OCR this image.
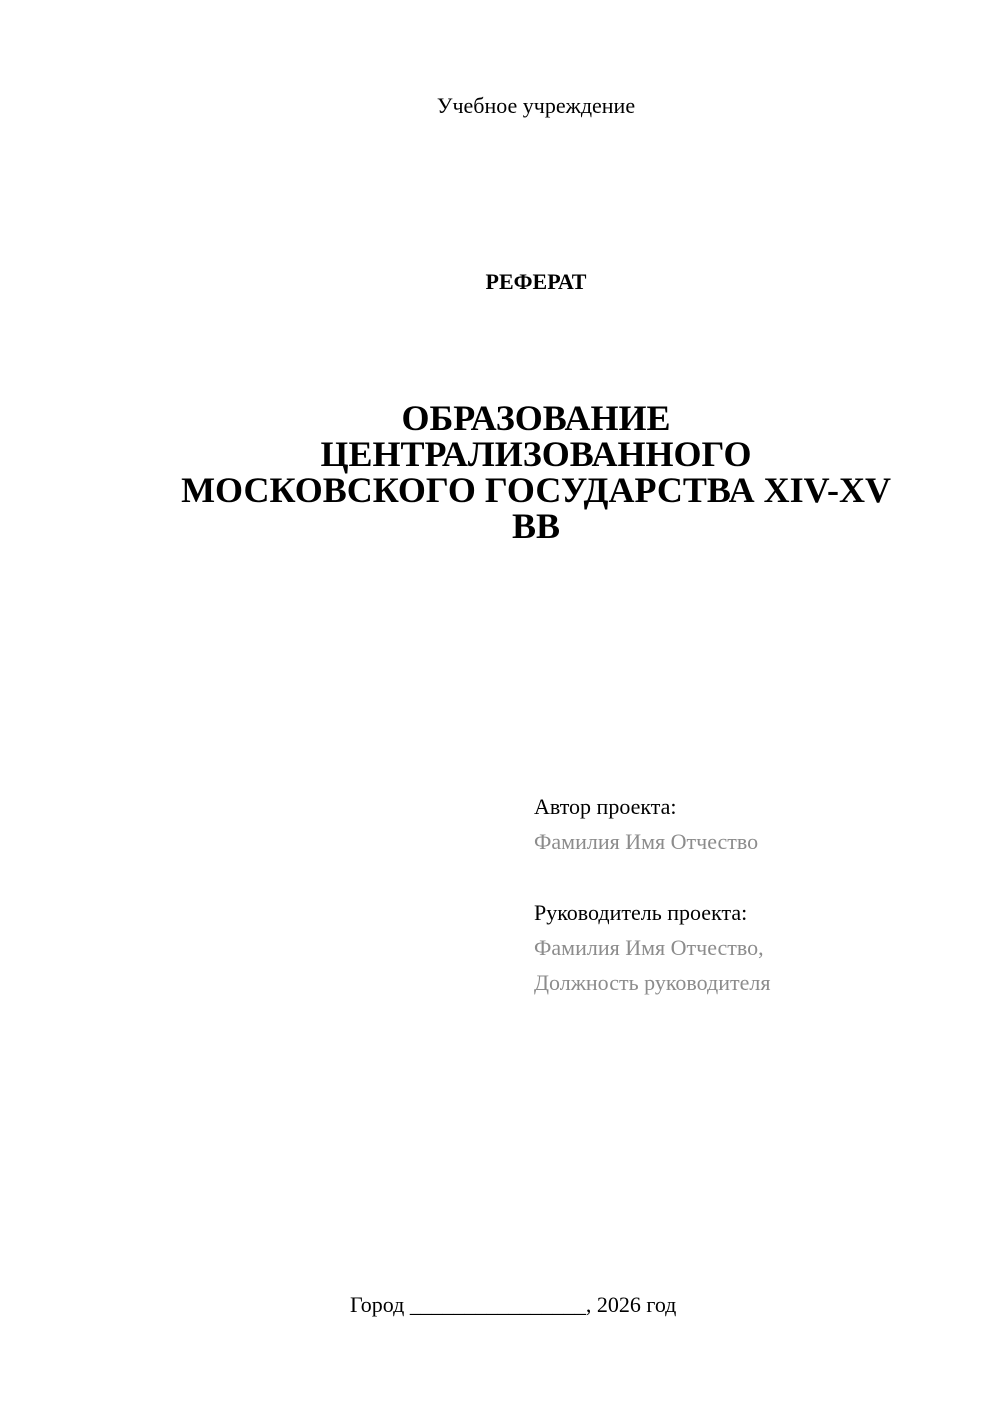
Учебное учреждение
РЕФЕРАТ
ОБРАЗОВАНИЕ
ЦЕНТРАЛИЗОВАННОГО
МОСКОВСКОГО ГОСУДАРСТВА XIV-XV
ВВ
Автор проекта:
Фамилия Имя Отчество
Руководитель проекта:
Фамилия Имя Отчество,
Должность руководителя
Город ________________, 2026 год
